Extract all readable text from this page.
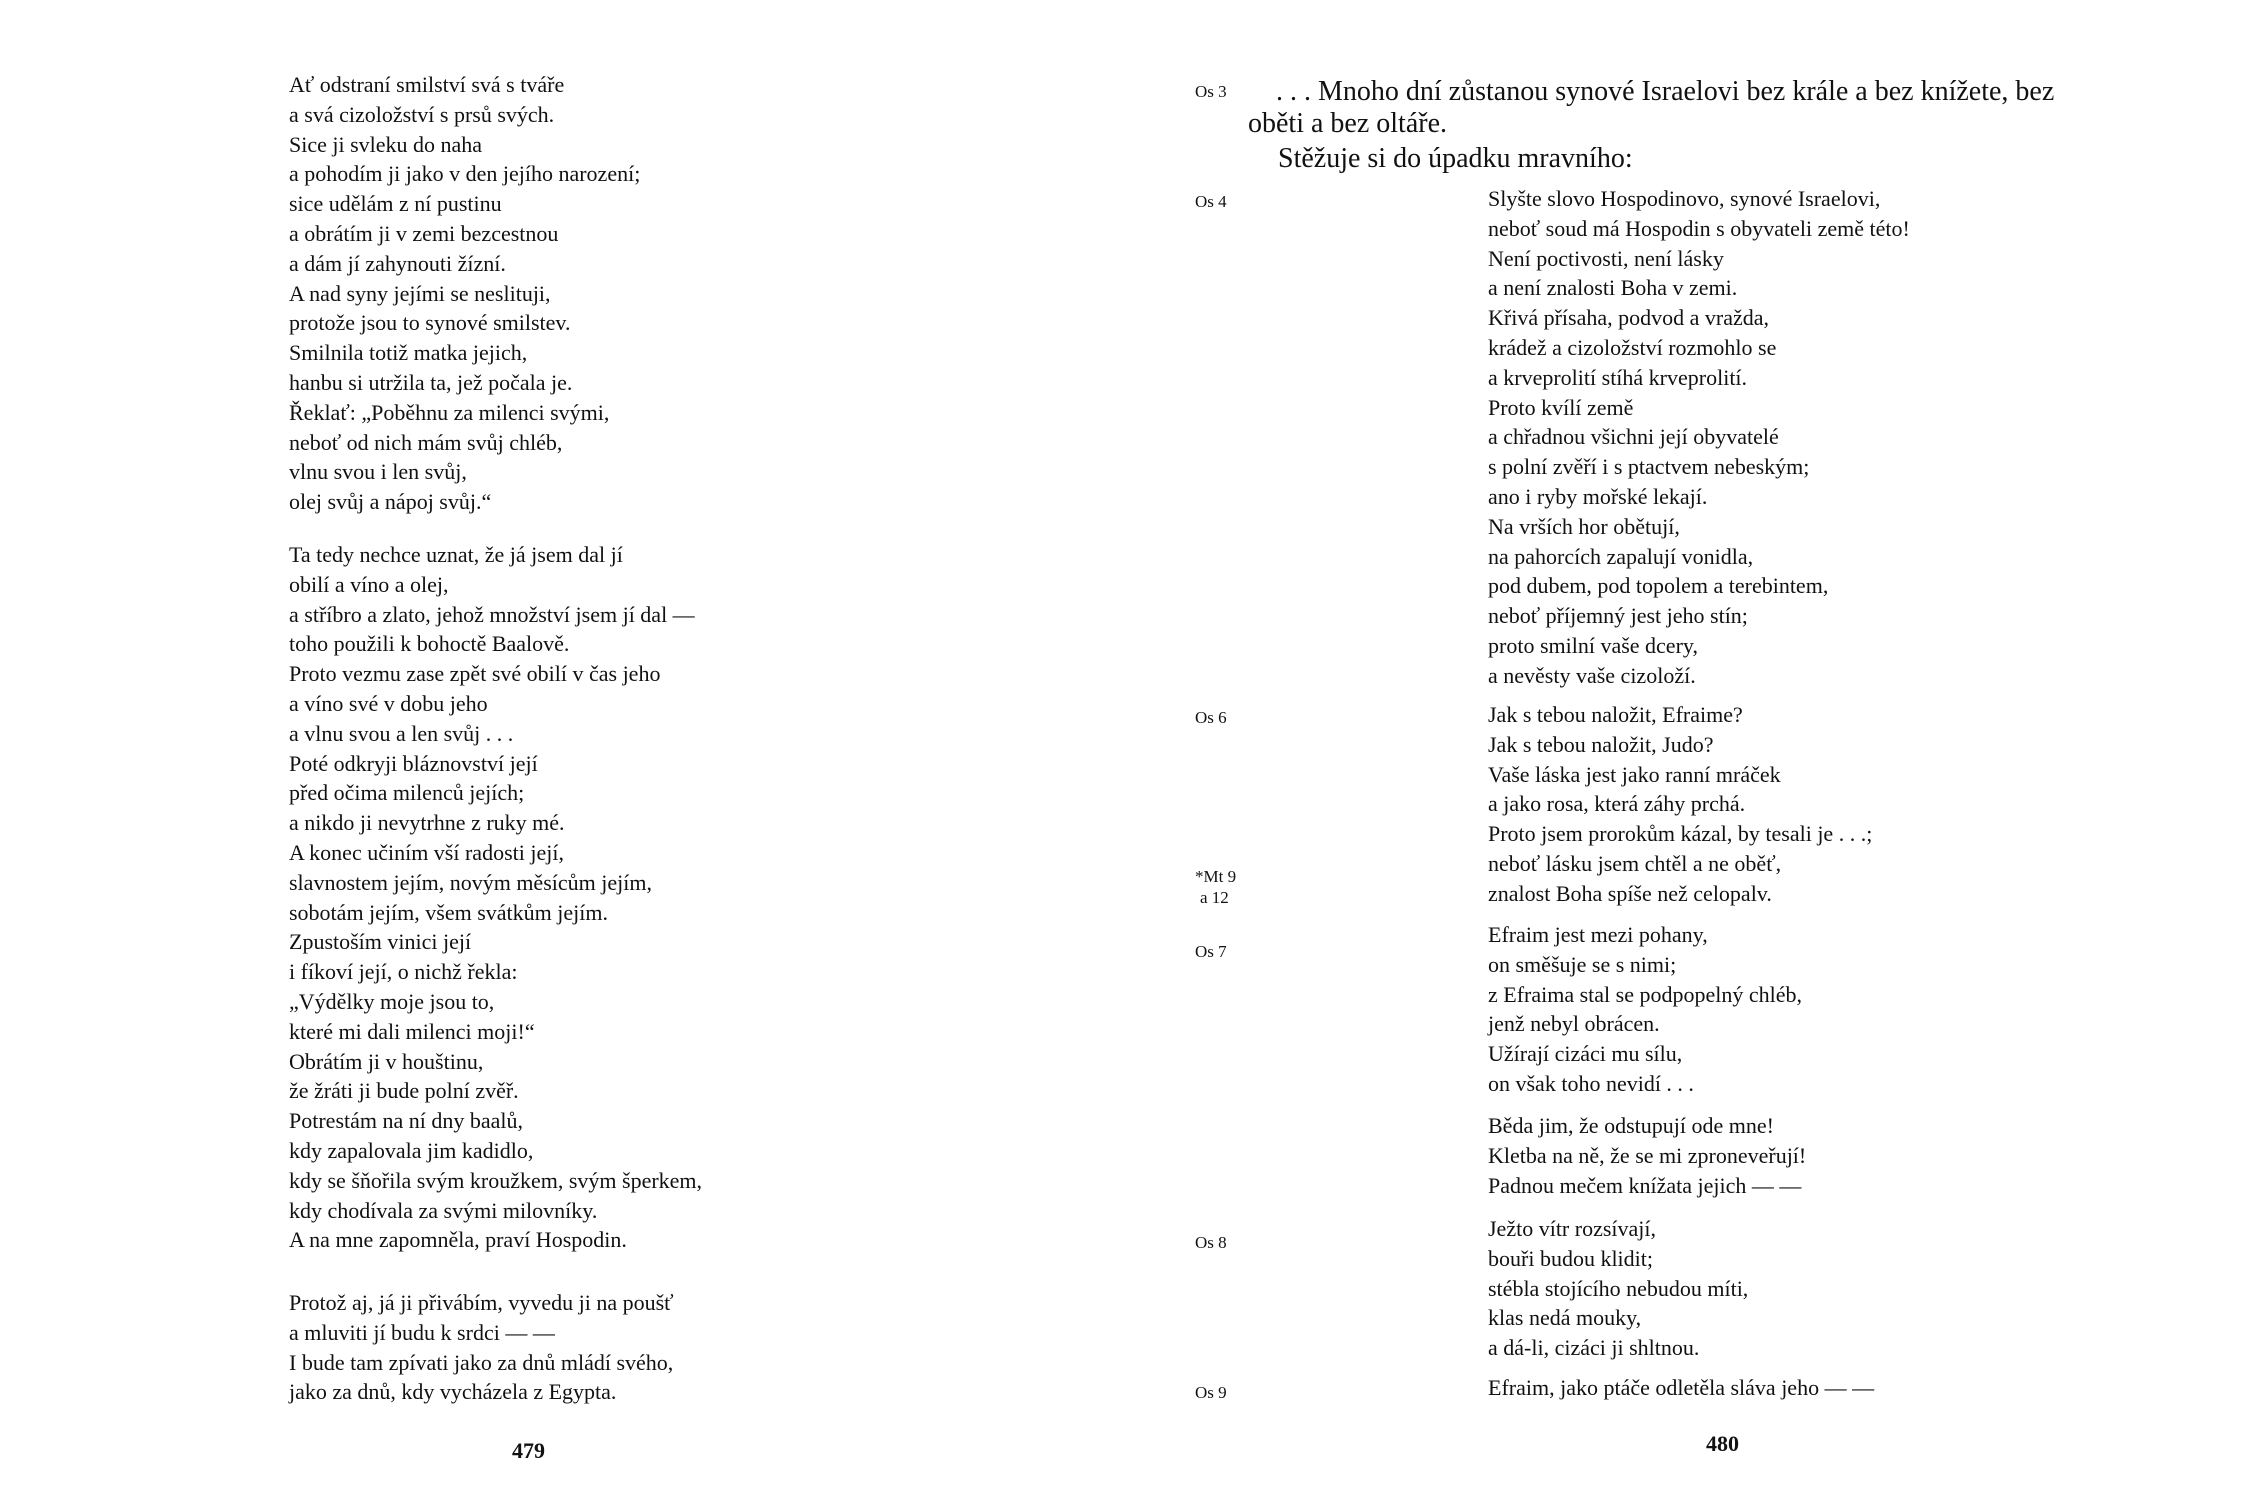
Ať odstraní smilství svá s tváře
a svá cizoložství s prsů svých.
Sice ji svleku do naha
a pohodím ji jako v den jejího narození;
sice udělám z ní pustinu
a obrátím ji v zemi bezcestnou
a dám jí zahynouti žízní.
A nad syny jejími se neslituji,
protože jsou to synové smilstev.
Smilnila totiž matka jejich,
hanbu si utržila ta, jež počala je.
Řeklať: „Poběhnu za milenci svými,
neboť od nich mám svůj chléb,
vlnu svou i len svůj,
olej svůj a nápoj svůj.“
Ta tedy nechce uznat, že já jsem dal jí
obilí a víno a olej,
a stříbro a zlato, jehož množství jsem jí dal —
toho použili k bohoctě Baalově.
Proto vezmu zase zpět své obilí v čas jeho
a víno své v dobu jeho
a vlnu svou a len svůj . . .
Poté odkryji bláznovství její
před očima milenců jejích;
a nikdo ji nevytrhne z ruky mé.
A konec učiním vší radosti její,
slavnostem jejím, novým měsícům jejím,
sobotám jejím, všem svátkům jejím.
Zpustoším vinici její
i fíkoví její, o nichž řekla:
„Výdělky moje jsou to,
které mi dali milenci moji!“
Obrátím ji v houštinu,
že žráti ji bude polní zvěř.
Potrestám na ní dny baalů,
kdy zapalovala jim kadidlo,
kdy se šňořila svým kroužkem, svým šperkem,
kdy chodívala za svými milovníky.
A na mne zapomněla, praví Hospodin.
Protož aj, já ji přivábím, vyvedu ji na poušť
a mluviti jí budu k srdci — —
I bude tam zpívati jako za dnů mládí svého,
jako za dnů, kdy vycházela z Egypta.
479
Os 3
Os 4
Os 6
*Mt 9
a 12
Os 7
Os 8
Os 9
. . . Mnoho dní zůstanou synové Israelovi bez krále a bez knížete, bez
oběti a bez oltáře.
Stěžuje si do úpadku mravního:
Slyšte slovo Hospodinovo, synové Israelovi,
neboť soud má Hospodin s obyvateli země této!
Není poctivosti, není lásky
a není znalosti Boha v zemi.
Křivá přísaha, podvod a vražda,
krádež a cizoložství rozmohlo se
a krveprolití stíhá krveprolití.
Proto kvílí země
a chřadnou všichni její obyvatelé
s polní zvěří i s ptactvem nebeským;
ano i ryby mořské lekají.
Na vrších hor obětují,
na pahorcích zapalují vonidla,
pod dubem, pod topolem a terebintem,
neboť příjemný jest jeho stín;
proto smilní vaše dcery,
a nevěsty vaše cizoloží.
Jak s tebou naložit, Efraime?
Jak s tebou naložit, Judo?
Vaše láska jest jako ranní mráček
a jako rosa, která záhy prchá.
Proto jsem prorokům kázal, by tesali je . . .;
neboť lásku jsem chtěl a ne oběť,
znalost Boha spíše než celopalv.
Efraim jest mezi pohany,
on směšuje se s nimi;
z Efraima stal se podpopelný chléb,
jenž nebyl obrácen.
Užírají cizáci mu sílu,
on však toho nevidí . . .
Běda jim, že odstupují ode mne!
Kletba na ně, že se mi zproneveřují!
Padnou mečem knížata jejich — —
Ježto vítr rozsívají,
bouři budou klidit;
stébla stojícího nebudou míti,
klas nedá mouky,
a dá-li, cizáci ji shltnou.
Efraim, jako ptáče odletěla sláva jeho — —
480
